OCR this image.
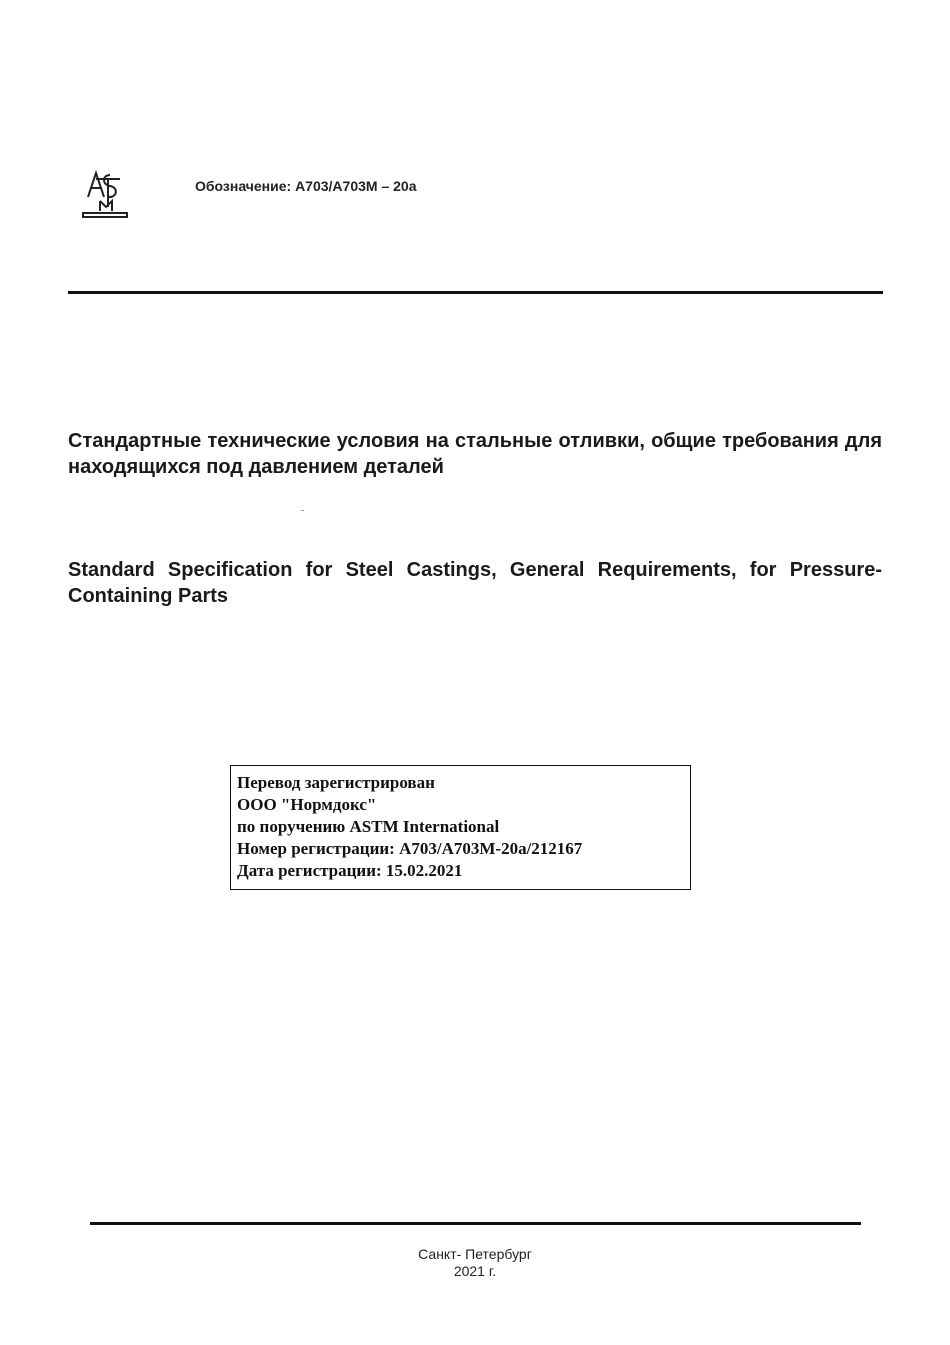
Обозначение: A703/A703M – 20a
Стандартные технические условия на стальные отливки, общие требования для находящихся под давлением деталей
Standard Specification for Steel Castings, General Requirements, for Pressure-Containing Parts
Перевод зарегистрирован
ООО "Нормдокс"
по поручению ASTM International
Номер регистрации: A703/A703M-20a/212167
Дата регистрации: 15.02.2021
Санкт- Петербург
2021 г.
